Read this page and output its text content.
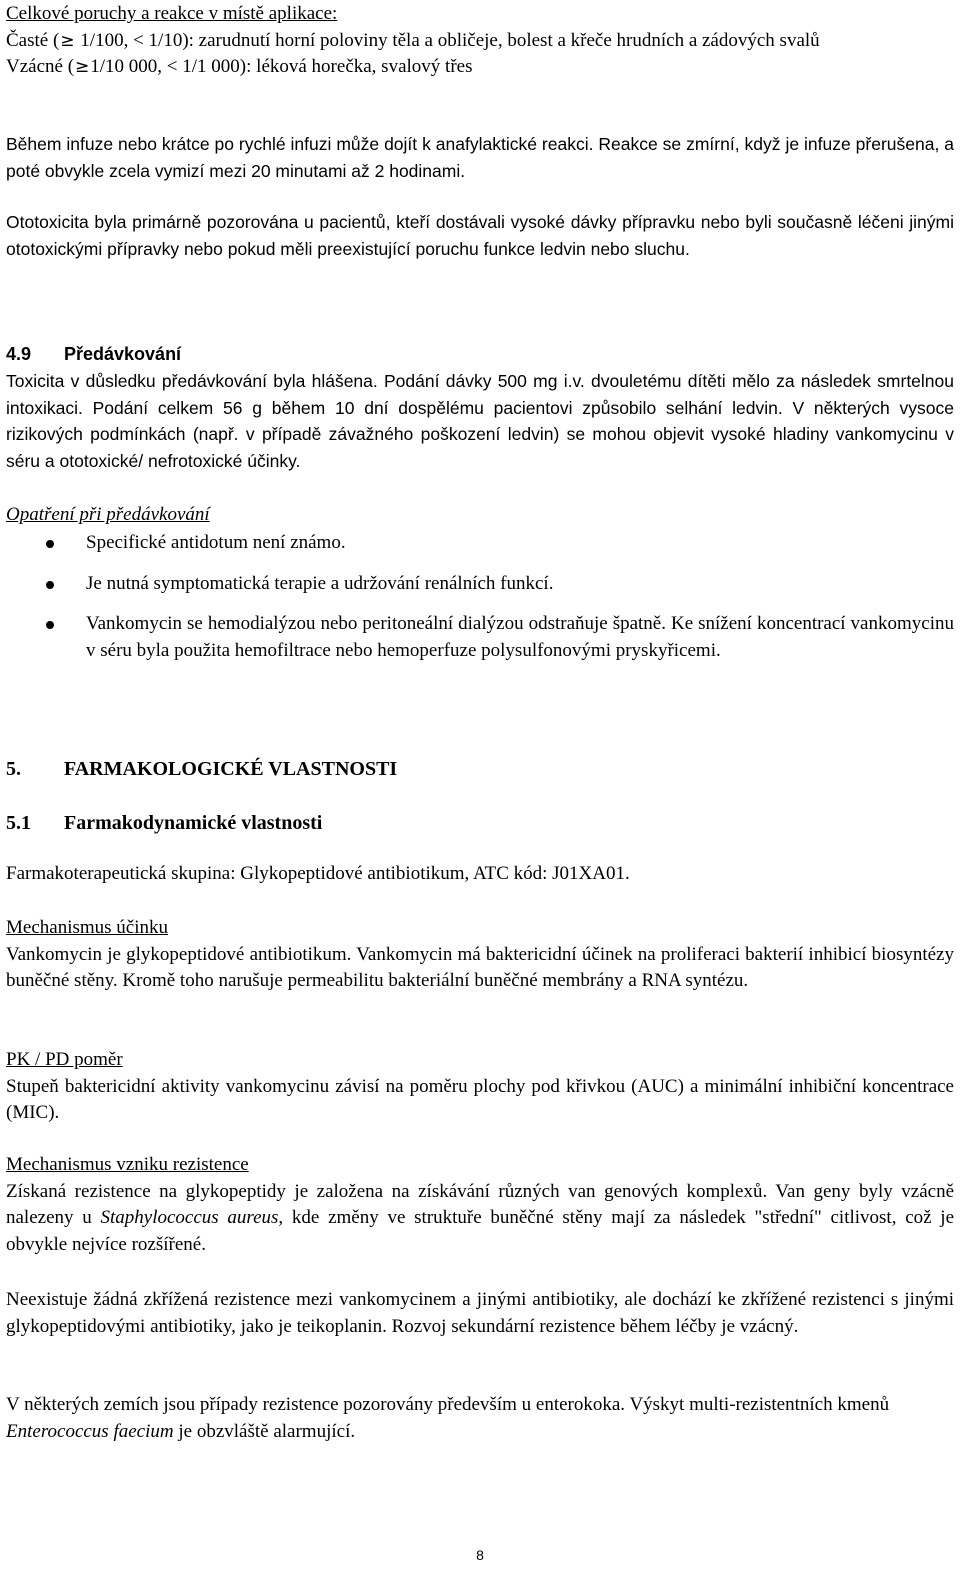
Celkové poruchy a reakce v místě aplikace:

Časté (≥ 1/100, < 1/10): zarudnutí horní poloviny těla a obličeje, bolest a křeče hrudních a zádových svalů

Vzácné (≥ 1/10 000, < 1/1 000): léková horečka, svalový třes

Během infuze nebo krátce po rychlé infuzi může dojít k anafylaktické reakci. Reakce se zmírní, když je infuze přerušena, a poté obvykle zcela vymizí mezi 20 minutami až 2 hodinami.

Ototoxicita byla primárně pozorována u pacientů, kteří dostávali vysoké dávky přípravku nebo byli současně léčeni jinými ototoxickými přípravky nebo pokud měli preexistující poruchu funkce ledvin nebo sluchu.

4.9 Předávkování

Toxicita v důsledku předávkování byla hlášena. Podání dávky 500 mg i.v. dvouletému dítěti mělo za následek smrtelnou intoxikaci. Podání celkem 56 g během 10 dní dospělému pacientovi způsobilo selhání ledvin. V některých vysoce rizikových podmínkách (např. v případě závažného poškození ledvin) se mohou objevit vysoké hladiny vankomycinu v séru a ototoxické/ nefrotoxické účinky.

Opatření při předávkování

Specifické antidotum není známo.
Je nutná symptomatická terapie a udržování renálních funkcí.
Vankomycin se hemodialýzou nebo peritoneální dialýzou odstraňuje špatně. Ke snížení koncentrací vankomycinu v séru byla použita hemofiltrace nebo hemoperfuze polysulfonovými pryskyřicemi.
5. FARMAKOLOGICKÉ VLASTNOSTI
5.1 Farmakodynamické vlastnosti

Farmakoterapeutická skupina: Glykopeptidové antibiotikum, ATC kód: J01XA01.

Mechanismus účinku

Vankomycin je glykopeptidové antibiotikum. Vankomycin má baktericidní účinek na proliferaci bakterií inhibicí biosyntézy buněčné stěny. Kromě toho narušuje permeabilitu bakteriální buněčné membrány a RNA syntézu.

PK / PD poměr

Stupeň baktericidní aktivity vankomycinu závisí na poměru plochy pod křivkou (AUC) a minimální inhibiční koncentrace (MIC).

Mechanismus vzniku rezistence

Získaná rezistence na glykopeptidy je založena na získávání různých van genových komplexů. Van geny byly vzácně nalezeny u Staphylococcus aureus, kde změny ve struktuře buněčné stěny mají za následek "střední" citlivost, což je obvykle nejvíce rozšířené.

Neexistuje žádná zkřížená rezistence mezi vankomycinem a jinými antibiotiky, ale dochází ke zkřížené rezistenci s jinými glykopeptidovými antibiotiky, jako je teikoplanin. Rozvoj sekundární rezistence během léčby je vzácný.

V některých zemích jsou případy rezistence pozorovány především u enterokoka. Výskyt multi-rezistentních kmenů Enterococcus faecium je obzvláště alarmující.

8
